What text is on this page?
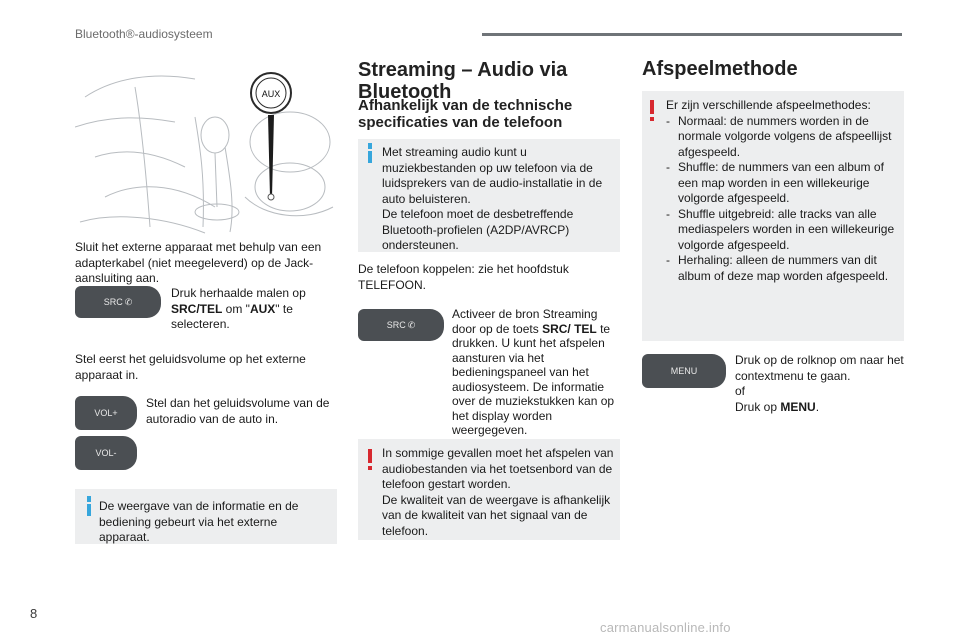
Bluetooth®-audiosysteem
AUX
Sluit het externe apparaat met behulp van een adapterkabel (niet meegeleverd) op de Jack-aansluiting aan.
SRC ✆
Druk herhaalde malen op SRC/TEL om "AUX" te selecteren.
Stel eerst het geluidsvolume op het externe apparaat in.
VOL+
VOL-
Stel dan het geluidsvolume van de autoradio van de auto in.
De weergave van de informatie en de bediening gebeurt via het externe apparaat.
Streaming – Audio via Bluetooth
Afhankelijk van de technische specificaties van de telefoon
Met streaming audio kunt u muziekbestanden op uw telefoon via de luidsprekers van de audio-installatie in de auto beluisteren.
De telefoon moet de desbetreffende Bluetooth-profielen (A2DP/AVRCP) ondersteunen.
De telefoon koppelen: zie het hoofdstuk TELEFOON.
SRC ✆
Activeer de bron Streaming door op de toets SRC/ TEL te drukken. U kunt het afspelen aansturen via het bedieningspaneel van het audiosysteem. De informatie over de muziekstukken kan op het display worden weergegeven.
In sommige gevallen moet het afspelen van audiobestanden via het toetsenbord van de telefoon gestart worden.
De kwaliteit van de weergave is afhankelijk van de kwaliteit van het signaal van de telefoon.
Afspeelmethode
Er zijn verschillende afspeelmethodes:
- Normaal: de nummers worden in de normale volgorde volgens de afspeellijst afgespeeld.
- Shuffle: de nummers van een album of een map worden in een willekeurige volgorde afgespeeld.
- Shuffle uitgebreid: alle tracks van alle mediaspelers worden in een willekeurige volgorde afgespeeld.
- Herhaling: alleen de nummers van dit album of deze map worden afgespeeld.
MENU
Druk op de rolknop om naar het contextmenu te gaan.
of
Druk op MENU.
8
carmanualsonline.info
